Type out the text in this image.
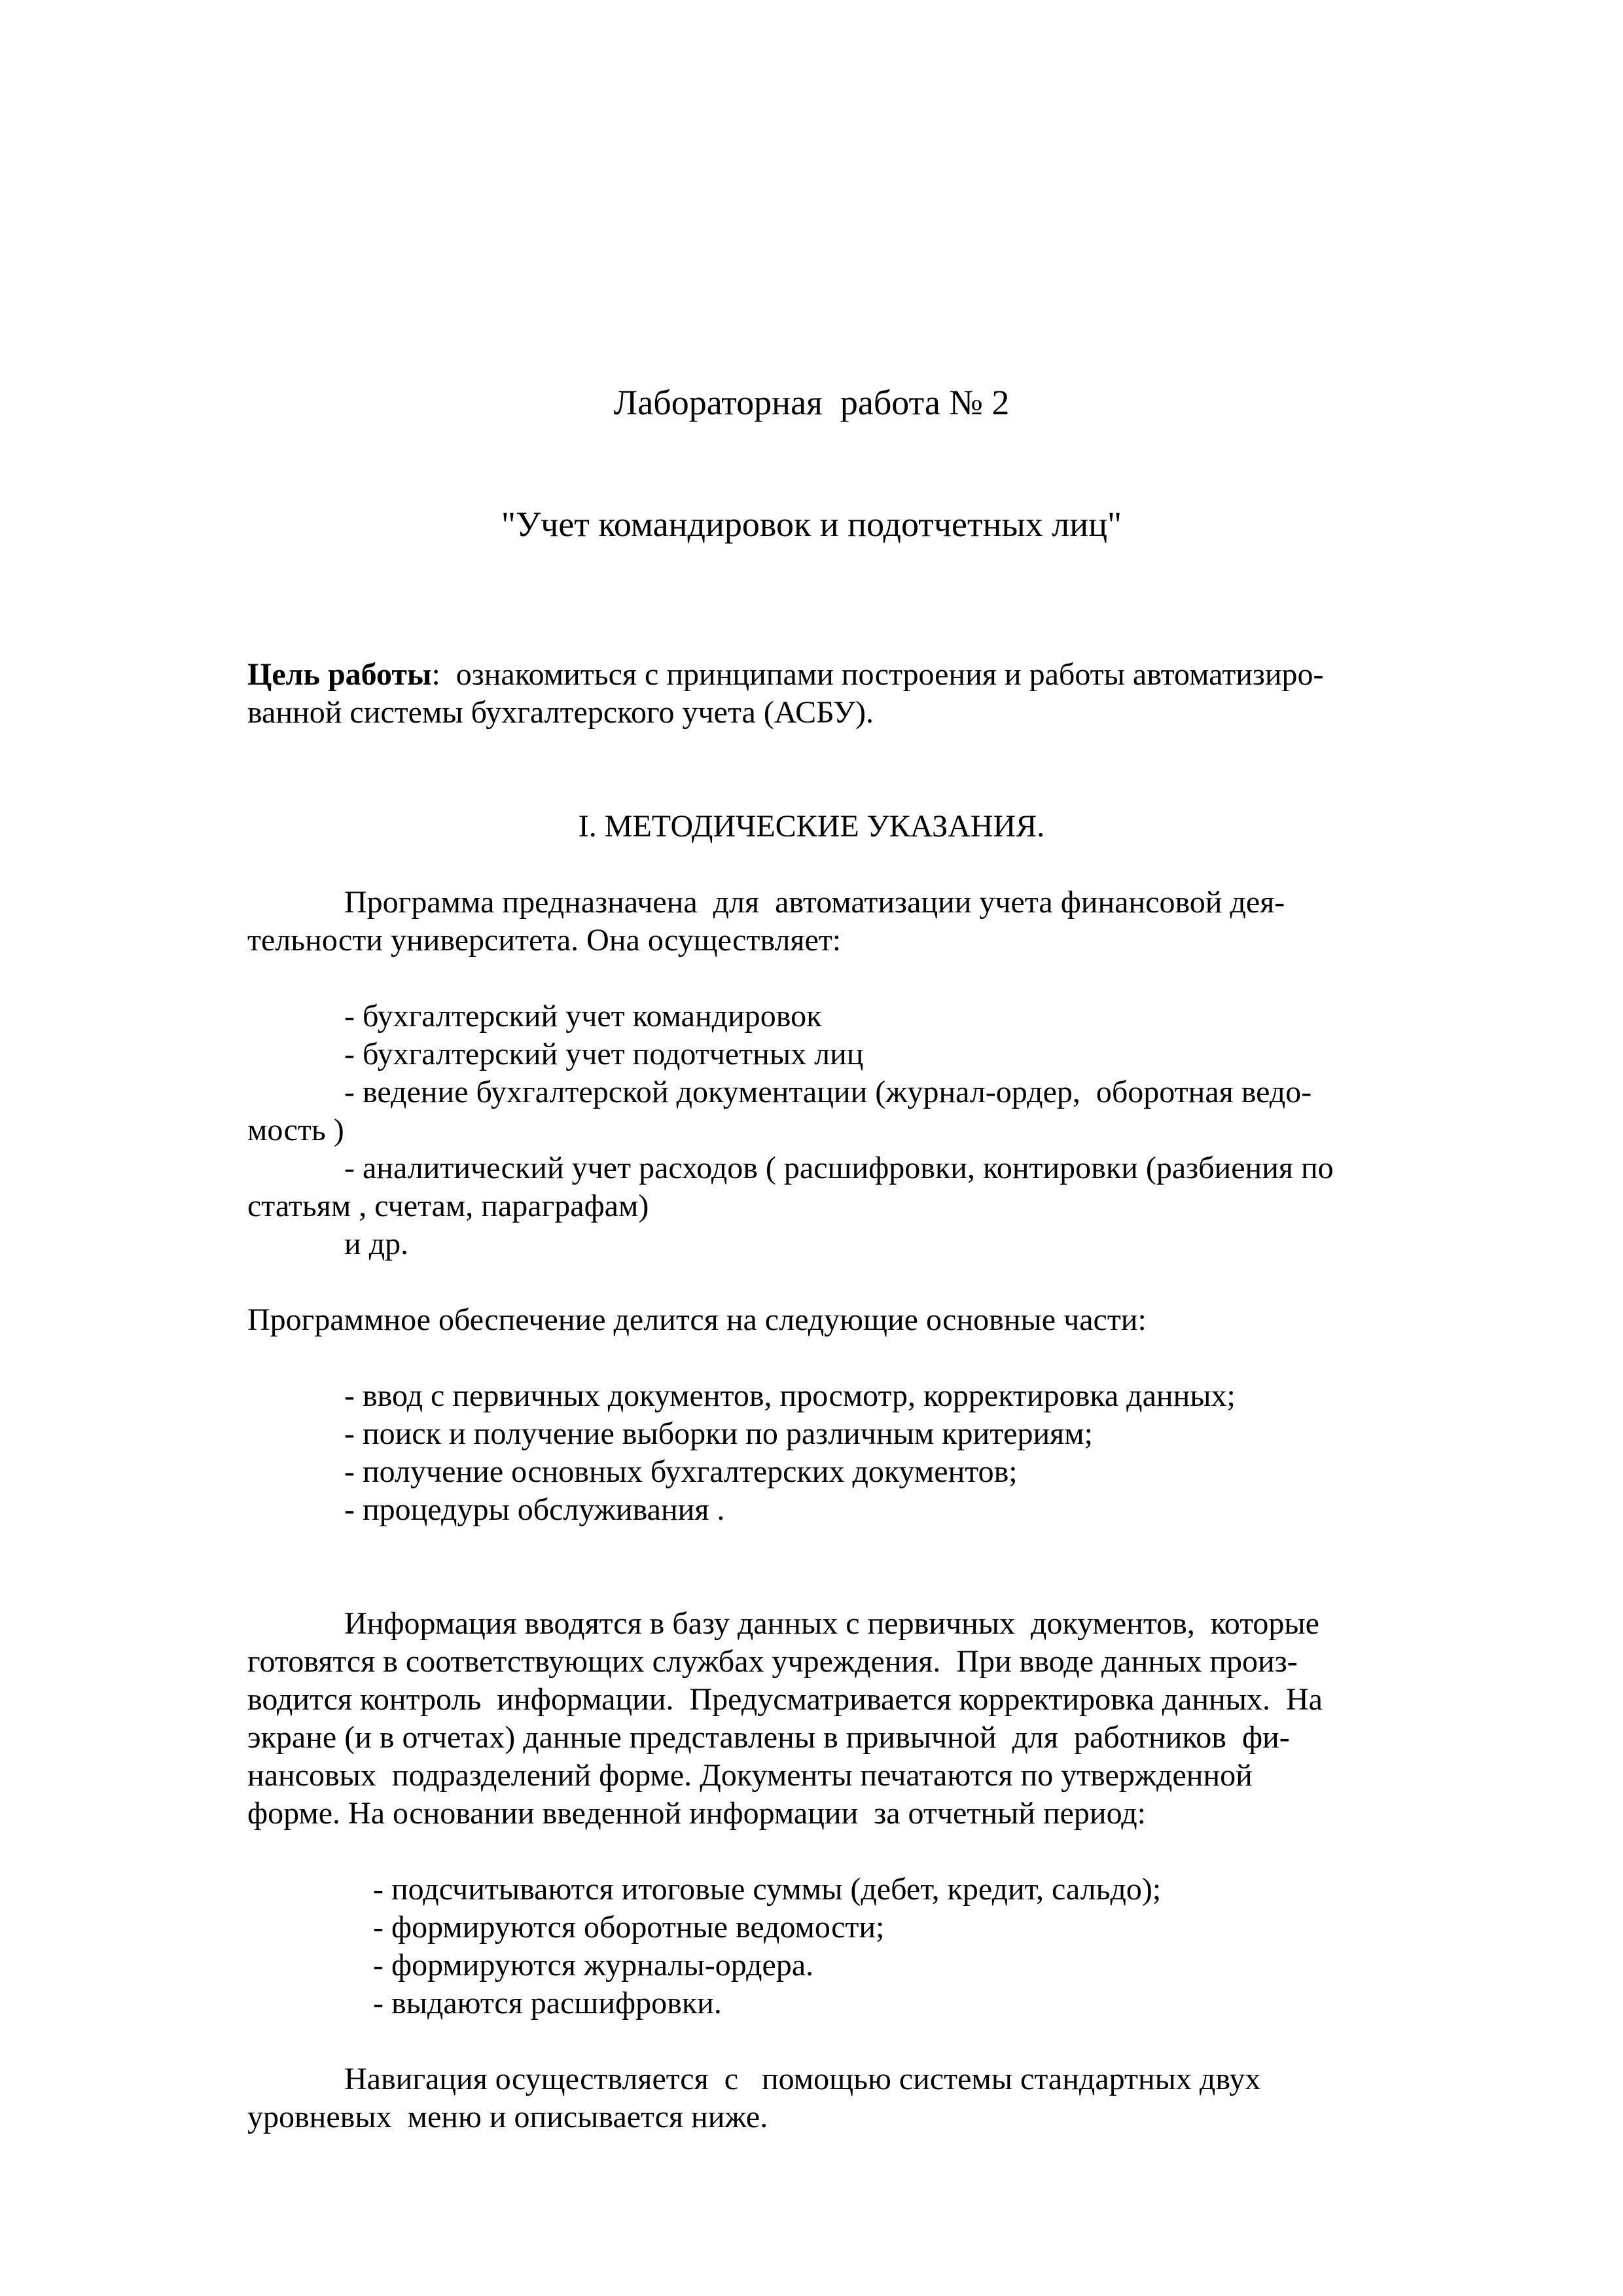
Лабораторная  работа № 2
"Учет командировок и подотчетных лиц"
Цель работы:  ознакомиться с принципами построения и работы автоматизиро-
ванной системы бухгалтерского учета (АСБУ).
I. МЕТОДИЧЕСКИЕ УКАЗАНИЯ.
Программа предназначена  для  автоматизации учета финансовой дея-
тельности университета. Она осуществляет:
- бухгалтерский учет командировок
- бухгалтерский учет подотчетных лиц
- ведение бухгалтерской документации (журнал-ордер,  оборотная ведо-
мость )
- аналитический учет расходов ( расшифровки, контировки (разбиения по
статьям , счетам, параграфам)
и др.
Программное обеспечение делится на следующие основные части:
- ввод с первичных документов, просмотр, корректировка данных;
- поиск и получение выборки по различным критериям;
- получение основных бухгалтерских документов;
- процедуры обслуживания .
Информация вводятся в базу данных с первичных  документов,  которые
готовятся в соответствующих службах учреждения.  При вводе данных произ-
водится контроль  информации.  Предусматривается корректировка данных.  На
экране (и в отчетах) данные представлены в привычной  для  работников  фи-
нансовых  подразделений форме. Документы печатаются по утвержденной
форме. На основании введенной информации  за отчетный период:
- подсчитываются итоговые суммы (дебет, кредит, сальдо);
- формируются оборотные ведомости;
- формируются журналы-ордера.
- выдаются расшифровки.
Навигация осуществляется  с   помощью системы стандартных двух
уровневых  меню и описывается ниже.
